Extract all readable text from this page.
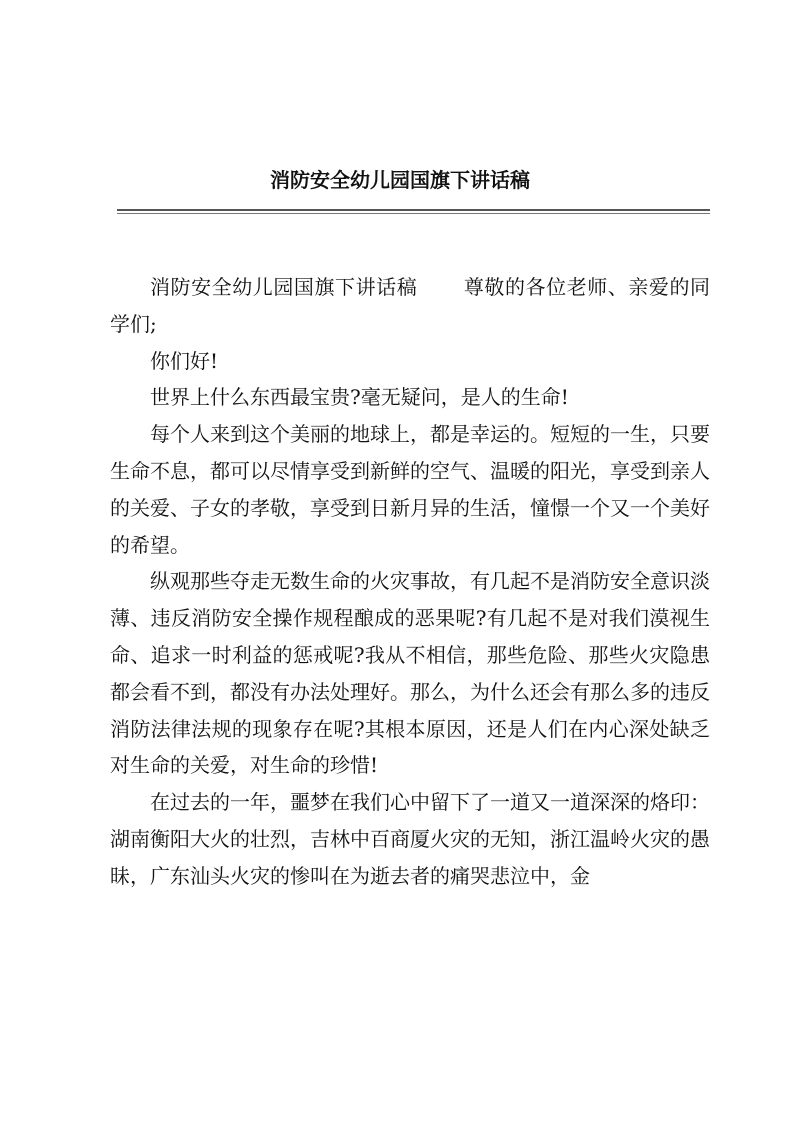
消防安全幼儿园国旗下讲话稿

消防安全幼儿园国旗下讲话稿 尊敬的各位老师、亲爱的同学们;

你们好!

世界上什么东西最宝贵?毫无疑问，是人的生命!

每个人来到这个美丽的地球上，都是幸运的。短短的一生，只要生命不息，都可以尽情享受到新鲜的空气、温暖的阳光，享受到亲人的关爱、子女的孝敬，享受到日新月异的生活，憧憬一个又一个美好的希望。

纵观那些夺走无数生命的火灾事故，有几起不是消防安全意识淡薄、违反消防安全操作规程酿成的恶果呢?有几起不是对我们漠视生命、追求一时利益的惩戒呢?我从不相信，那些危险、那些火灾隐患都会看不到，都没有办法处理好。那么，为什么还会有那么多的违反消防法律法规的现象存在呢?其根本原因，还是人们在内心深处缺乏对生命的关爱，对生命的珍惜!

在过去的一年，噩梦在我们心中留下了一道又一道深深的烙印：湖南衡阳大火的壮烈，吉林中百商厦火灾的无知，浙江温岭火灾的愚昧，广东汕头火灾的惨叫在为逝去者的痛哭悲泣中，金
